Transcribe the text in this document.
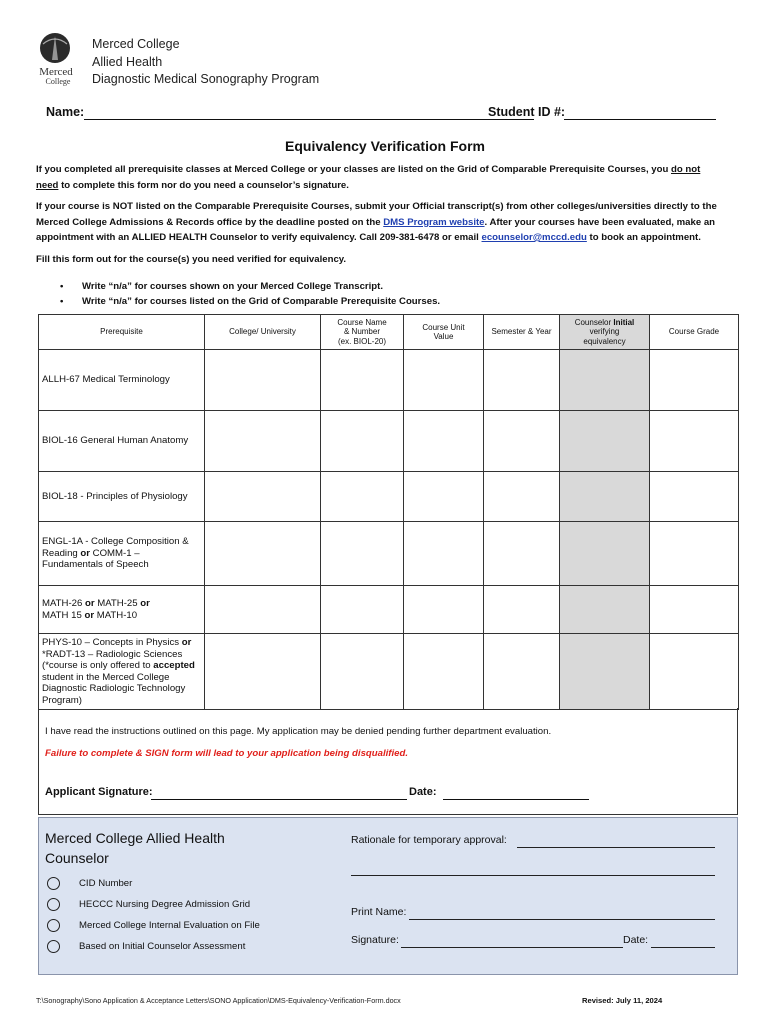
Merced
College
Merced College
Allied Health
Diagnostic Medical Sonography Program
Name:	Student ID #:
Equivalency Verification Form
If you completed all prerequisite classes at Merced College or your classes are listed on the Grid of Comparable Prerequisite Courses, you do not
need to complete this form nor do you need a counselor’s signature.
If your course is NOT listed on the Comparable Prerequisite Courses, submit your Official transcript(s) from other colleges/universities directly to the Merced College Admissions & Records office by the deadline posted on the DMS Program website. After your courses have been evaluated, make an appointment with an ALLIED HEALTH Counselor to verify equivalency. Call 209-381-6478 or email ecounselor@mccd.edu to book an appointment.
Fill this form out for the course(s) you need verified for equivalency.
• Write “n/a” for courses shown on your Merced College Transcript.
• Write “n/a” for courses listed on the Grid of Comparable Prerequisite Courses.
Prerequisite	College/ University	Course Name
& Number
(ex. BIOL-20)	Course Unit
Value	Semester & Year	Counselor Initial
verifying
equivalency	Course Grade
ALLH-67 Medical Terminology						
BIOL-16 General Human Anatomy						
BIOL-18 - Principles of Physiology						
ENGL-1A - College Composition & Reading or COMM-1 – Fundamentals of Speech						
MATH-26 or MATH-25 or
MATH 15 or MATH-10						
PHYS-10 – Concepts in Physics or
*RADT-13 – Radiologic Sciences (*course is only offered to accepted student in the Merced College Diagnostic Radiologic Technology Program)						
I have read the instructions outlined on this page. My application may be denied pending further department evaluation.
Failure to complete & SIGN form will lead to your application being disqualified.
Applicant Signature:	Date:
Merced College Allied Health Counselor
CID Number
HECCC Nursing Degree Admission Grid
Merced College Internal Evaluation on File
Based on Initial Counselor Assessment
Rationale for temporary approval:
Print Name:
Signature:	Date:
T:\Sonography\Sono Application & Acceptance Letters\SONO Application\DMS-Equivalency-Verification-Form.docx	Revised: July 11, 2024
